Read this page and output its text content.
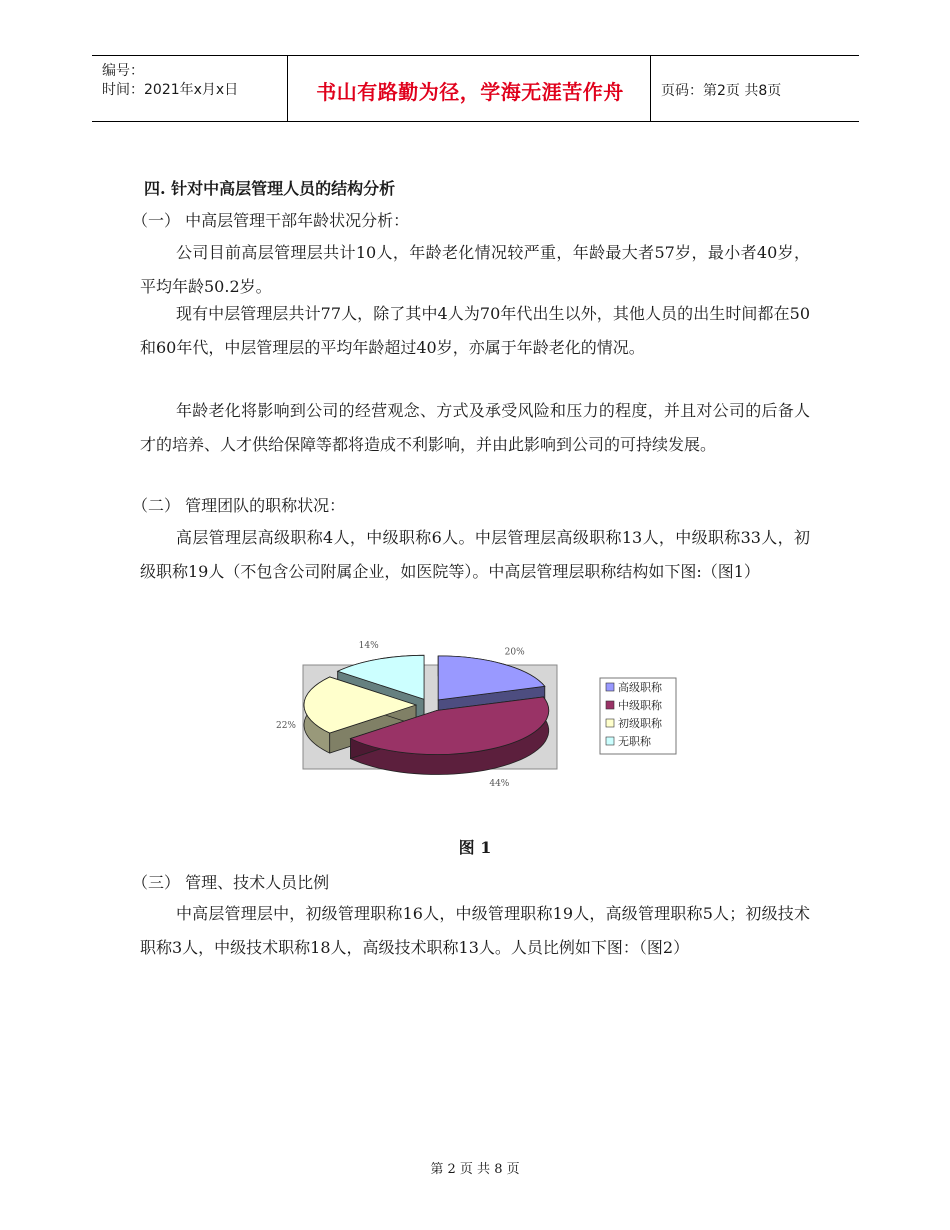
编号：
时间：2021年x月x日	书山有路勤为径，学海无涯苦作舟	页码：第2页 共8页
四. 针对中高层管理人员的结构分析
（一） 中高层管理干部年龄状况分析：
公司目前高层管理层共计10人，年龄老化情况较严重，年龄最大者57岁，最小者40岁，平均年龄50.2岁。
现有中层管理层共计77人，除了其中4人为70年代出生以外，其他人员的出生时间都在50和60年代，中层管理层的平均年龄超过40岁，亦属于年龄老化的情况。
年龄老化将影响到公司的经营观念、方式及承受风险和压力的程度，并且对公司的后备人才的培养、人才供给保障等都将造成不利影响，并由此影响到公司的可持续发展。
（二） 管理团队的职称状况：
高层管理层高级职称4人，中级职称6人。中层管理层高级职称13人，中级职称33人，初级职称19人（不包含公司附属企业，如医院等）。中高层管理层职称结构如下图:（图1）
20%
44%
22%
14%
高级职称
中级职称
初级职称
无职称
图 1
（三） 管理、技术人员比例
中高层管理层中，初级管理职称16人，中级管理职称19人，高级管理职称5人；初级技术职称3人，中级技术职称18人，高级技术职称13人。人员比例如下图：（图2）
第 2 页 共 8 页
